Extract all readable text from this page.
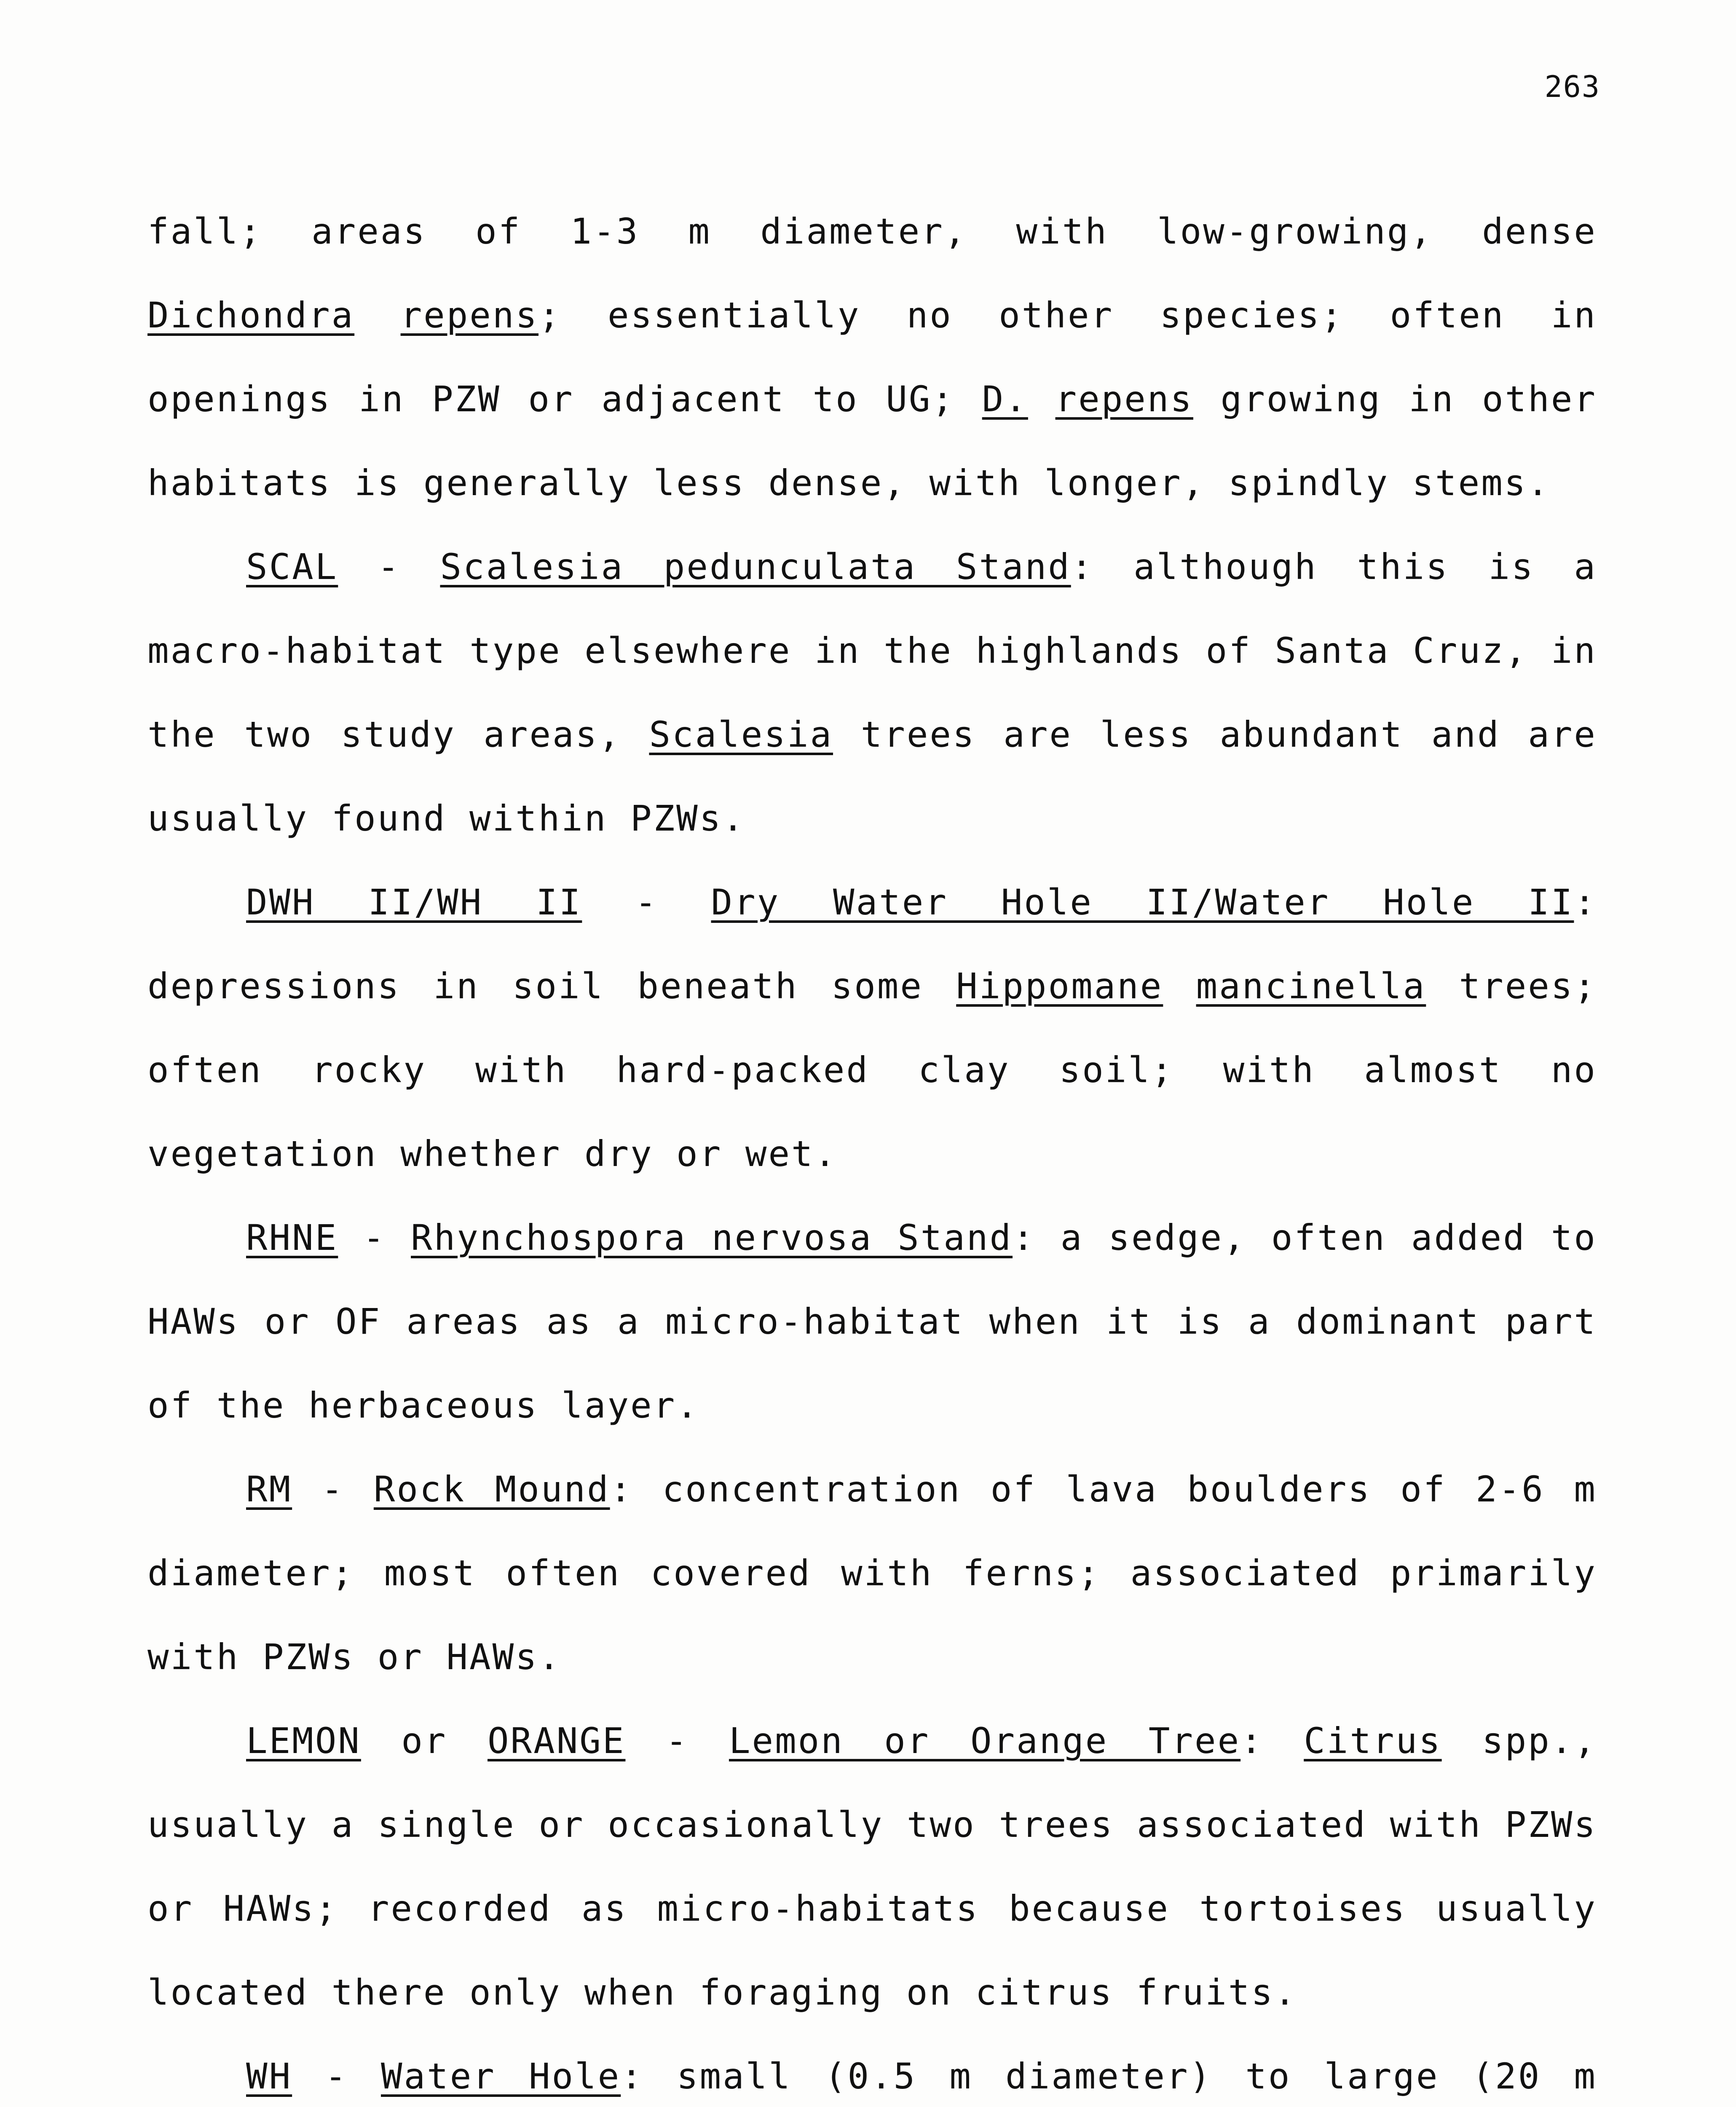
263

fall; areas of 1-3 m diameter, with low-growing, dense Dichondra repens; essentially no other species; often in openings in PZW or adjacent to UG; D. repens growing in other habitats is generally less dense, with longer, spindly stems.

SCAL - Scalesia pedunculata Stand: although this is a macro-habitat type elsewhere in the highlands of Santa Cruz, in the two study areas, Scalesia trees are less abundant and are usually found within PZWs.

DWH II/WH II - Dry Water Hole II/Water Hole II: depressions in soil beneath some Hippomane mancinella trees; often rocky with hard-packed clay soil; with almost no vegetation whether dry or wet.

RHNE - Rhynchospora nervosa Stand: a sedge, often added to HAWs or OF areas as a micro-habitat when it is a dominant part of the herbaceous layer.

RM - Rock Mound: concentration of lava boulders of 2-6 m diameter; most often covered with ferns; associated primarily with PZWs or HAWs.

LEMON or ORANGE - Lemon or Orange Tree: Citrus spp., usually a single or occasionally two trees associated with PZWs or HAWs; recorded as micro-habitats because tortoises usually located there only when foraging on citrus fruits.

WH - Water Hole: small (0.5 m diameter) to large (20 m
